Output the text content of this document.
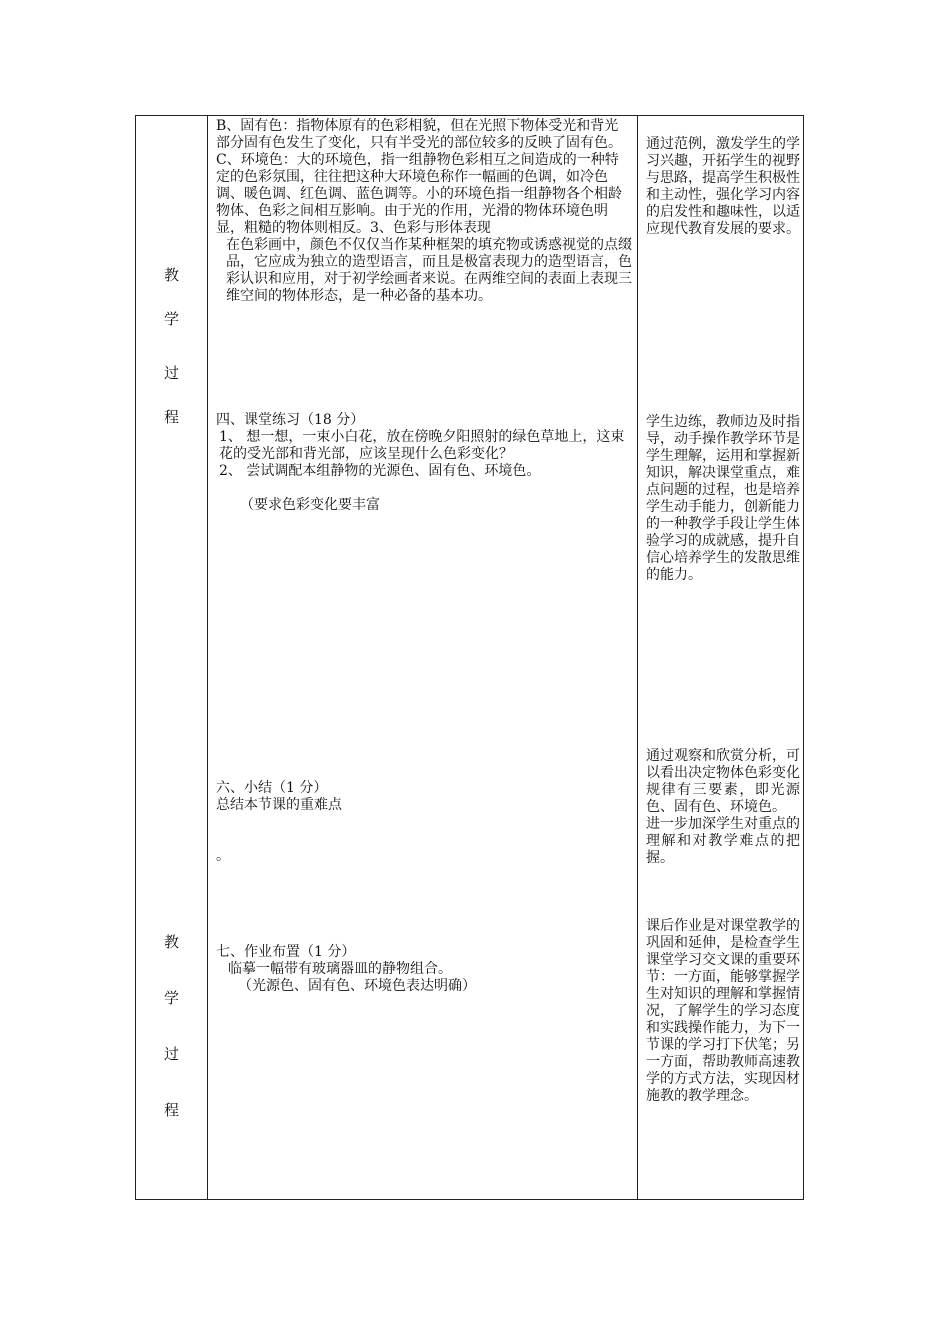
教
学
过
程
教
学
过
程

B、固有色：指物体原有的色彩相貌，但在光照下物体受光和背光部分固有色发生了变化，只有半受光的部位较多的反映了固有色。

C、环境色：大的环境色，指一组静物色彩相互之间造成的一种特定的色彩氛围，往往把这种大环境色称作一幅画的色调，如冷色调、暖色调、红色调、蓝色调等。小的环境色指一组静物各个相龄物体、色彩之间相互影响。由于光的作用，光滑的物体环境色明显，粗糙的物体则相反。3、色彩与形体表现

在色彩画中，颜色不仅仅当作某种框架的填充物或诱惑视觉的点缀品，它应成为独立的造型语言，而且是极富表现力的造型语言，色彩认识和应用，对于初学绘画者来说。在两维空间的表面上表现三维空间的物体形态，是一种必备的基本功。

四、课堂练习（18 分）

1、 想一想，一束小白花，放在傍晚夕阳照射的绿色草地上，这束花的受光部和背光部，应该呈现什么色彩变化？

2、 尝试调配本组静物的光源色、固有色、环境色。

（要求色彩变化要丰富

六、小结（1 分）

总结本节课的重难点

。

七、作业布置（1 分）

临摹一幅带有玻璃器皿的静物组合。

（光源色、固有色、环境色表达明确）

通过范例，激发学生的学习兴趣，开拓学生的视野与思路，提高学生积极性和主动性，强化学习内容的启发性和趣味性，以适应现代教育发展的要求。

学生边练，教师边及时指导，动手操作教学环节是学生理解，运用和掌握新知识，解决课堂重点，难点问题的过程，也是培养学生动手能力，创新能力的一种教学手段让学生体验学习的成就感，提升自信心培养学生的发散思维的能力。

通过观察和欣赏分析，可以看出决定物体色彩变化规律有三要素，即光源色、固有色、环境色。

进一步加深学生对重点的理解和对教学难点的把握。

课后作业是对课堂教学的巩固和延伸，是检查学生课堂学习交文课的重要环节：一方面，能够掌握学生对知识的理解和掌握情况，了解学生的学习态度和实践操作能力，为下一节课的学习打下伏笔；另一方面，帮助教师高速教学的方式方法，实现因材施教的教学理念。
